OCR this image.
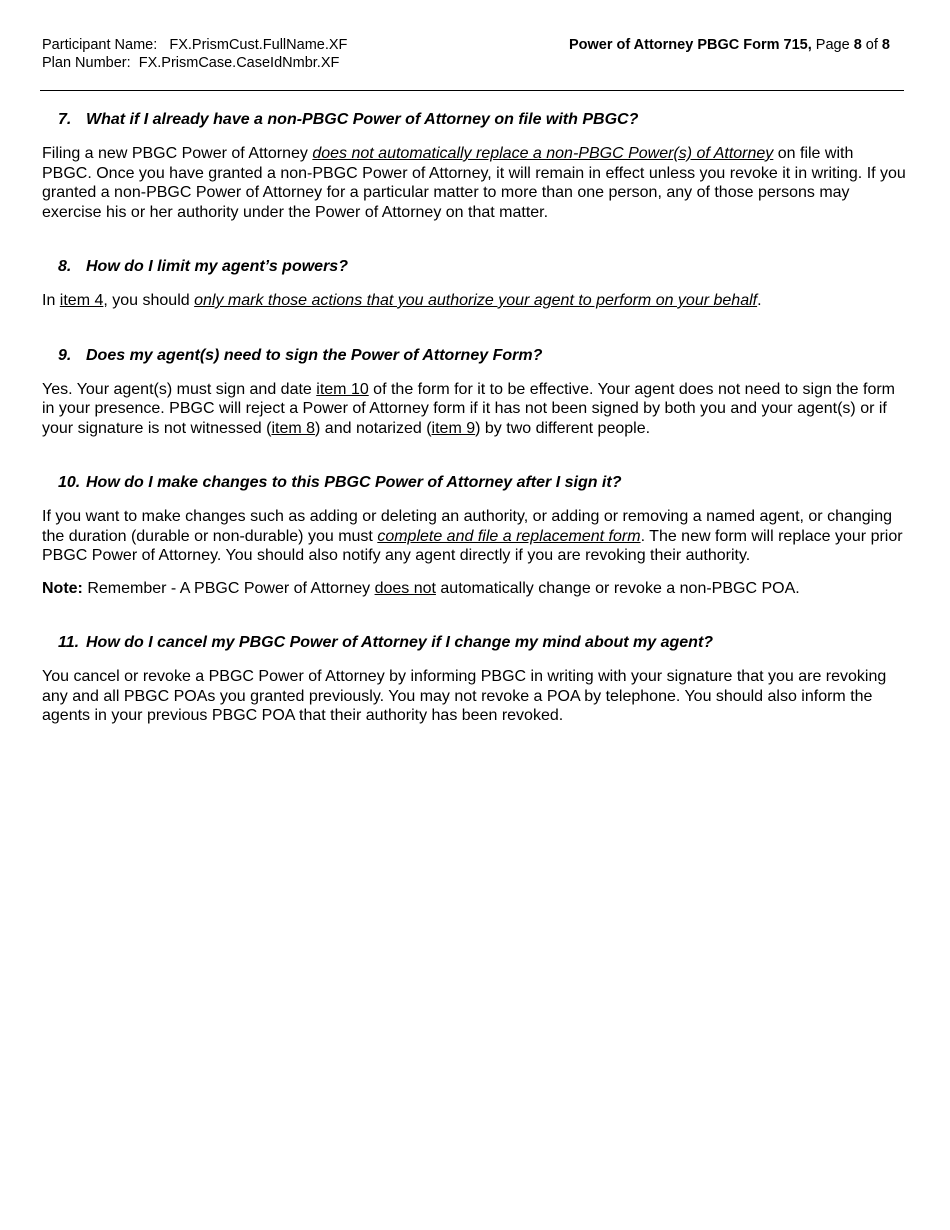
Participant Name: FX.PrismCust.FullName.XF
Plan Number: FX.PrismCase.CaseIdNmbr.XF
Power of Attorney PBGC Form 715, Page 8 of 8
7. What if I already have a non-PBGC Power of Attorney on file with PBGC?
Filing a new PBGC Power of Attorney does not automatically replace a non-PBGC Power(s) of Attorney on file with PBGC. Once you have granted a non-PBGC Power of Attorney, it will remain in effect unless you revoke it in writing. If you granted a non-PBGC Power of Attorney for a particular matter to more than one person, any of those persons may exercise his or her authority under the Power of Attorney on that matter.
8. How do I limit my agent’s powers?
In item 4, you should only mark those actions that you authorize your agent to perform on your behalf.
9. Does my agent(s) need to sign the Power of Attorney Form?
Yes. Your agent(s) must sign and date item 10 of the form for it to be effective. Your agent does not need to sign the form in your presence. PBGC will reject a Power of Attorney form if it has not been signed by both you and your agent(s) or if your signature is not witnessed (item 8) and notarized (item 9) by two different people.
10. How do I make changes to this PBGC Power of Attorney after I sign it?
If you want to make changes such as adding or deleting an authority, or adding or removing a named agent, or changing the duration (durable or non-durable) you must complete and file a replacement form. The new form will replace your prior PBGC Power of Attorney. You should also notify any agent directly if you are revoking their authority.
Note: Remember - A PBGC Power of Attorney does not automatically change or revoke a non-PBGC POA.
11. How do I cancel my PBGC Power of Attorney if I change my mind about my agent?
You cancel or revoke a PBGC Power of Attorney by informing PBGC in writing with your signature that you are revoking any and all PBGC POAs you granted previously. You may not revoke a POA by telephone. You should also inform the agents in your previous PBGC POA that their authority has been revoked.
